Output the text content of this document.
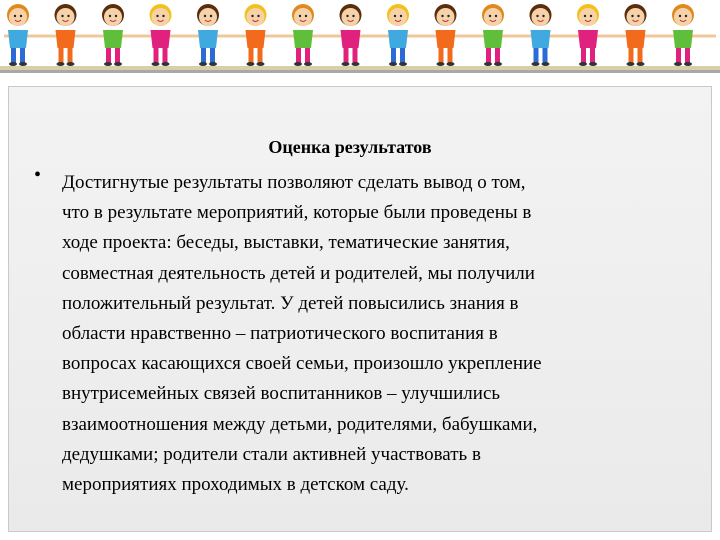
Оценка результатов
• Достигнутые результаты позволяют сделать вывод о том,
что в результате мероприятий, которые были проведены в
ходе проекта: беседы, выставки, тематические занятия,
совместная деятельность детей и родителей, мы получили
положительный результат. У детей повысились знания в
области нравственно – патриотического воспитания в
вопросах касающихся своей семьи, произошло укрепление
внутрисемейных связей воспитанников – улучшились
взаимоотношения между детьми, родителями, бабушками,
дедушками; родители стали активней участвовать в
мероприятиях проходимых в детском саду.
